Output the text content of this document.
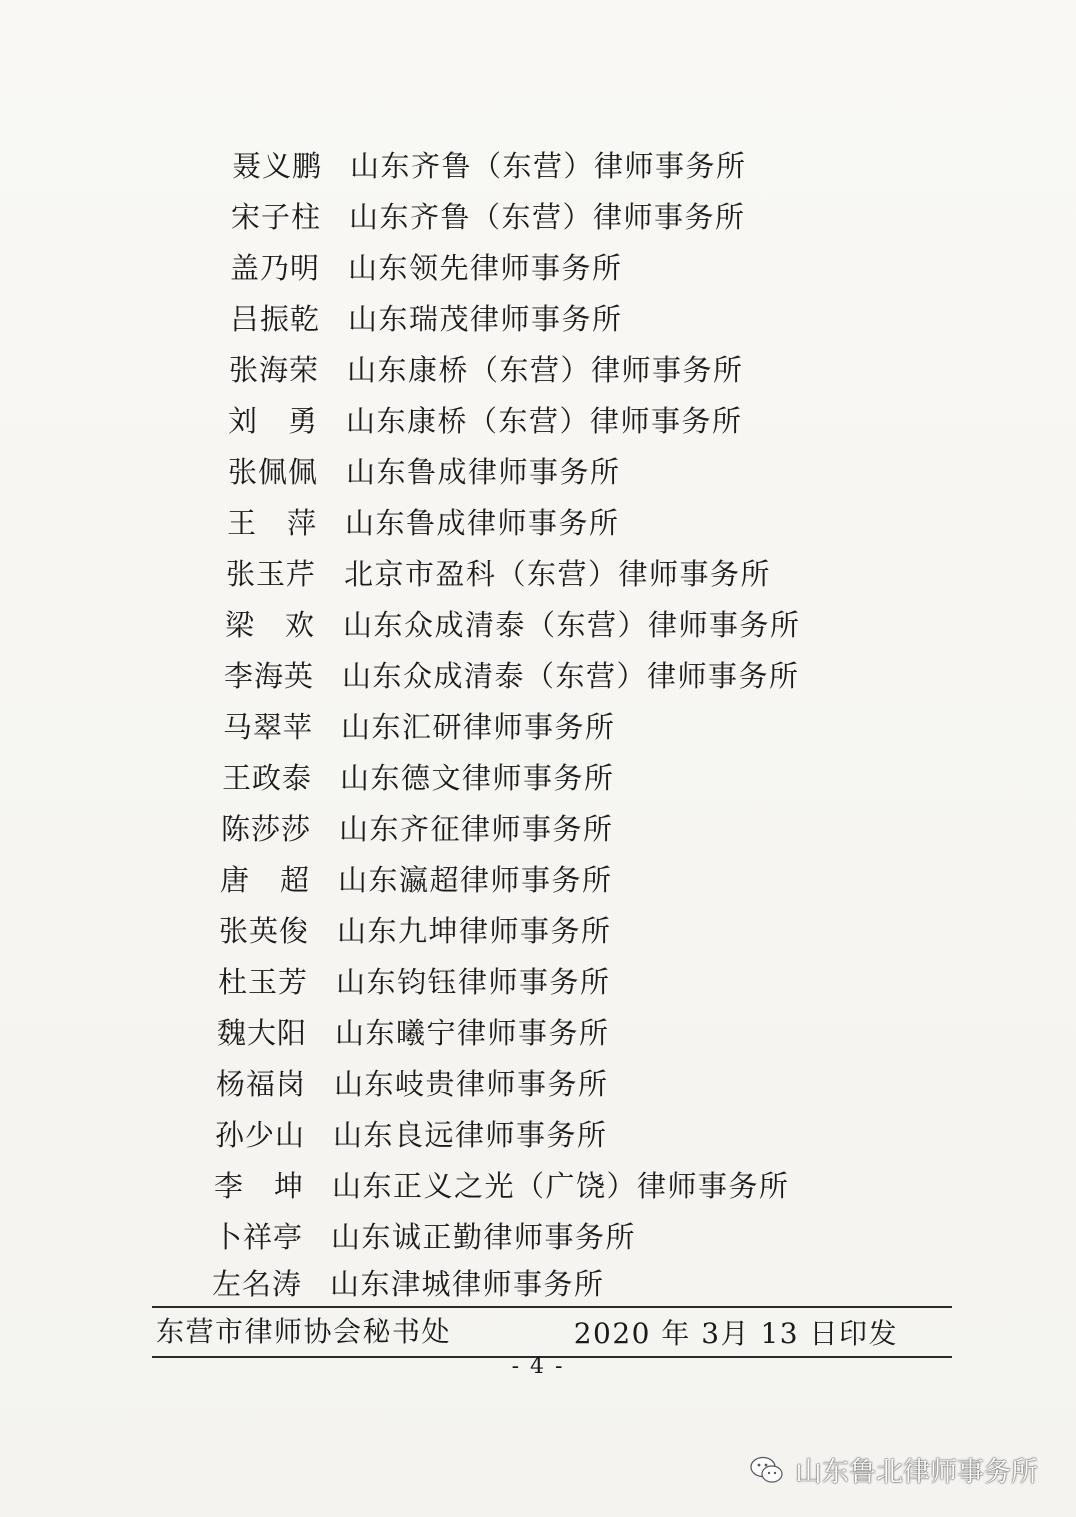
聂义鹏 山东齐鲁（东营）律师事务所
宋子柱 山东齐鲁（东营）律师事务所
盖乃明 山东领先律师事务所
吕振乾 山东瑞茂律师事务所
张海荣 山东康桥（东营）律师事务所
刘　勇 山东康桥（东营）律师事务所
张佩佩 山东鲁成律师事务所
王　萍 山东鲁成律师事务所
张玉芹 北京市盈科（东营）律师事务所
梁　欢 山东众成清泰（东营）律师事务所
李海英 山东众成清泰（东营）律师事务所
马翠苹 山东汇研律师事务所
王政泰 山东德文律师事务所
陈莎莎 山东齐征律师事务所
唐　超 山东瀛超律师事务所
张英俊 山东九坤律师事务所
杜玉芳 山东钧钰律师事务所
魏大阳 山东曦宁律师事务所
杨福岗 山东岐贵律师事务所
孙少山 山东良远律师事务所
李　坤 山东正义之光（广饶）律师事务所
卜祥亭 山东诚正勤律师事务所
左名涛 山东津城律师事务所
东营市律师协会秘书处	2020 年 3月 13 日印发
- 4 -
山东鲁北律师事务所
